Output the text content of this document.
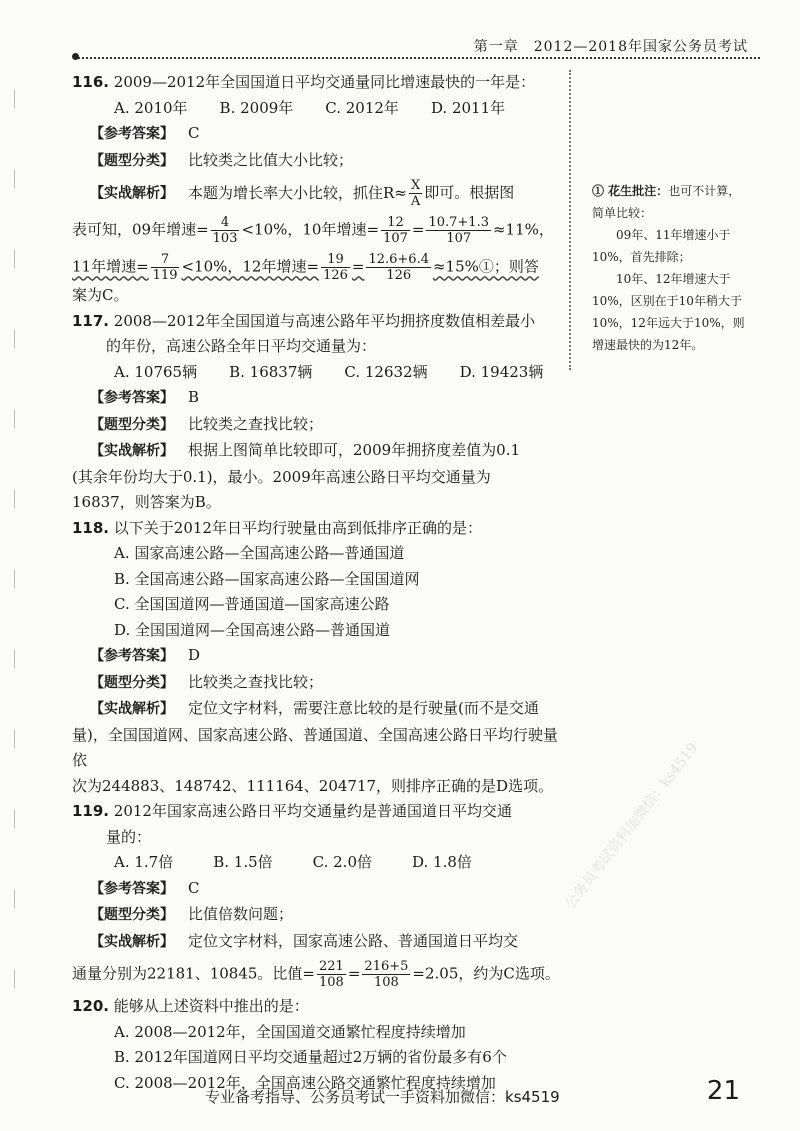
第一章　2012—2018年国家公务员考试
116. 2009—2012年全国国道日平均交通量同比增速最快的一年是：
A. 2010年 B. 2009年 C. 2012年 D. 2011年
【参考答案】 C
【题型分类】 比较类之比值大小比较；
【实战解析】 本题为增长率大小比较，抓住$R\approx \frac{X}{A}$ 即可。根据图
表可知，09年增速= $\frac{4}{103} <10\%$，10年增速= $\frac{12}{107} = \frac{10.7+1.3}{107} \approx 11\%$，
11年增速= $\frac{7}{119} <10\%$，12年增速= $\frac{19}{126} = \frac{12.6+6.4}{126}$ ≈15%①；则答
案为C。
117. 2008—2012年全国国道与高速公路年平均拥挤度数值相差最小
的年份，高速公路全年日平均交通量为：
A. 10765辆 B. 16837辆 C. 12632辆 D. 19423辆
【参考答案】 B
【题型分类】 比较类之查找比较；
【实战解析】 根据上图简单比较即可，2009年拥挤度差值为0.1
(其余年份均大于0.1)，最小。2009年高速公路日平均交通量为
16837，则答案为B。
118. 以下关于2012年日平均行驶量由高到低排序正确的是：
A. 国家高速公路—全国高速公路—普通国道
B. 全国高速公路—国家高速公路—全国国道网
C. 全国国道网—普通国道—国家高速公路
D. 全国国道网—全国高速公路—普通国道
【参考答案】 D
【题型分类】 比较类之查找比较；
【实战解析】 定位文字材料，需要注意比较的是行驶量(而不是交通
量)，全国国道网、国家高速公路、普通国道、全国高速公路日平均行驶量依
次为244883、148742、111164、204717，则排序正确的是D选项。
119. 2012年国家高速公路日平均交通量约是普通国道日平均交通
量的：
A. 1.7倍	B. 1.5倍	C. 2.0倍	D. 1.8倍
【参考答案】 C
【题型分类】 比值倍数问题；
【实战解析】 定位文字材料，国家高速公路、普通国道日平均交
通量分别为22181、10845。比值= $\frac{221}{108} = \frac{216+5}{108} =2.05$，约为C选项。
120. 能够从上述资料中推出的是：
A. 2008—2012年，全国国道交通繁忙程度持续增加
B. 2012年国道网日平均交通量超过2万辆的省份最多有6个
C. 2008—2012年，全国高速公路交通繁忙程度持续增加

① 花生批注：也可不计算，简单比较：

09年、11年增速小于10%，首先排除；

10年、12年增速大于10%，区别在于10年稍大于10%，12年远大于10%，则增速最快的为12年。

公务员考试资料加微信：ks4519
专业备考指导、公务员考试一手资料加微信：ks4519	21
